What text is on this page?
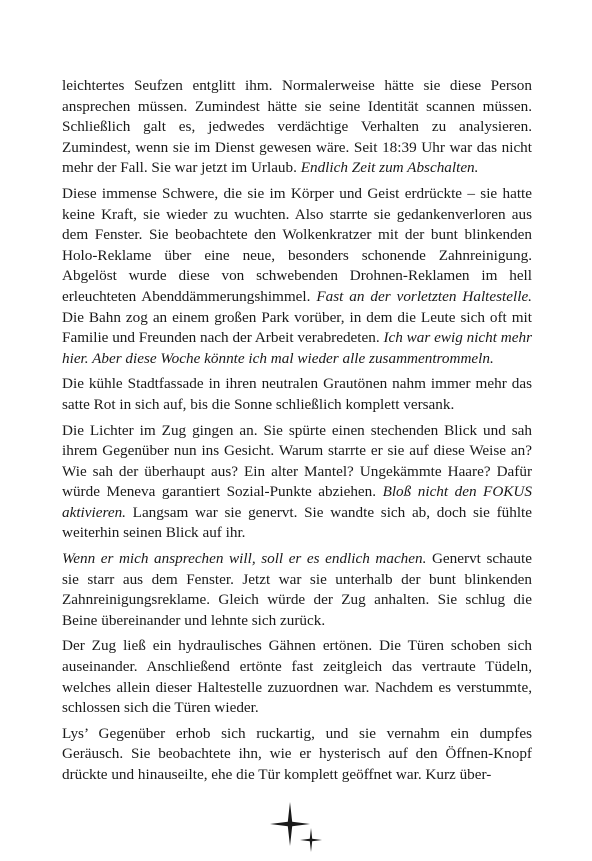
leichtertes Seufzen entglitt ihm. Normalerweise hätte sie diese Person ansprechen müssen. Zumindest hätte sie seine Identität scannen müssen. Schließlich galt es, jedwedes verdächtige Verhalten zu analysieren. Zumindest, wenn sie im Dienst gewesen wäre. Seit 18:39 Uhr war das nicht mehr der Fall. Sie war jetzt im Urlaub. Endlich Zeit zum Abschalten.

Diese immense Schwere, die sie im Körper und Geist erdrückte – sie hatte keine Kraft, sie wieder zu wuchten. Also starrte sie gedankenverloren aus dem Fenster. Sie beobachtete den Wolkenkratzer mit der bunt blinkenden Holo-Reklame über eine neue, besonders schonende Zahnreinigung. Abgelöst wurde diese von schwebenden Drohnen-Reklamen im hell erleuchteten Abenddämmerungshimmel. Fast an der vorletzten Haltestelle. Die Bahn zog an einem großen Park vorüber, in dem die Leute sich oft mit Familie und Freunden nach der Arbeit verabredeten. Ich war ewig nicht mehr hier. Aber diese Woche könnte ich mal wieder alle zusammentrommeln.

Die kühle Stadtfassade in ihren neutralen Grautönen nahm immer mehr das satte Rot in sich auf, bis die Sonne schließlich komplett versank.

Die Lichter im Zug gingen an. Sie spürte einen stechenden Blick und sah ihrem Gegenüber nun ins Gesicht. Warum starrte er sie auf diese Weise an? Wie sah der überhaupt aus? Ein alter Mantel? Ungekämmte Haare? Dafür würde Meneva garantiert Sozial-Punkte abziehen. Bloß nicht den FOKUS aktivieren. Langsam war sie genervt. Sie wandte sich ab, doch sie fühlte weiterhin seinen Blick auf ihr.

Wenn er mich ansprechen will, soll er es endlich machen. Genervt schaute sie starr aus dem Fenster. Jetzt war sie unterhalb der bunt blinkenden Zahnreinigungsreklame. Gleich würde der Zug anhalten. Sie schlug die Beine übereinander und lehnte sich zurück.

Der Zug ließ ein hydraulisches Gähnen ertönen. Die Türen schoben sich auseinander. Anschließend ertönte fast zeitgleich das vertraute Tüdeln, welches allein dieser Haltestelle zuzuordnen war. Nachdem es verstummte, schlossen sich die Türen wieder.

Lys’ Gegenüber erhob sich ruckartig, und sie vernahm ein dumpfes Geräusch. Sie beobachtete ihn, wie er hysterisch auf den Öffnen-Knopf drückte und hinauseilte, ehe die Tür komplett geöffnet war. Kurz über-
